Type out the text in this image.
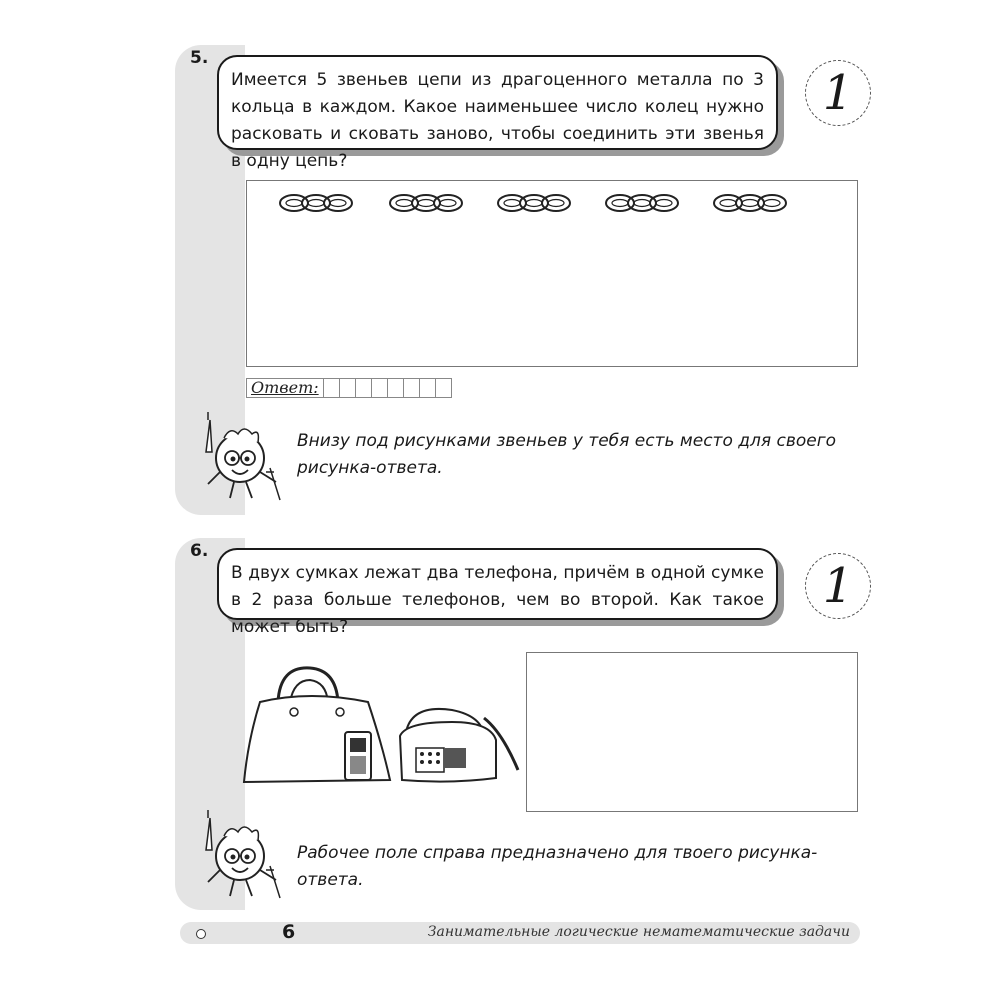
5.
Имеется 5 звеньев цепи из драгоценного металла по 3 кольца в каждом. Какое наименьшее число колец нужно расковать и сковать заново, чтобы соединить эти звенья в одну цепь?
1
Ответ:
Внизу под рисунками звеньев у тебя есть место для своего рисунка-ответа.
6.
В двух сумках лежат два телефона, причём в одной сумке в 2 раза больше телефонов, чем во второй. Как такое может быть?
1
Рабочее поле справа предназначено для твоего рисунка-ответа.
6	Занимательные логические нематематические задачи
